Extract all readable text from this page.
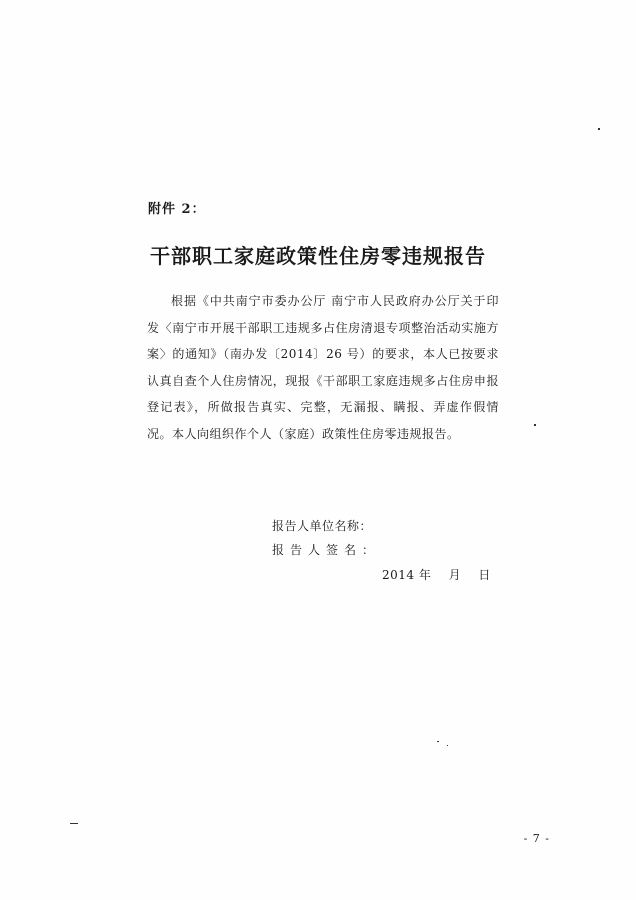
附件 2：
干部职工家庭政策性住房零违规报告
根据《中共南宁市委办公厅 南宁市人民政府办公厅关于印发〈南宁市开展干部职工违规多占住房清退专项整治活动实施方案〉的通知》（南办发〔2014〕26 号）的要求，本人已按要求认真自查个人住房情况，现报《干部职工家庭违规多占住房申报登记表》，所做报告真实、完整，无漏报、瞒报、弄虚作假情况。本人向组织作个人（家庭）政策性住房零违规报告。
报告人单位名称：
报告人签名：
2014 年    月    日
- 7 -
